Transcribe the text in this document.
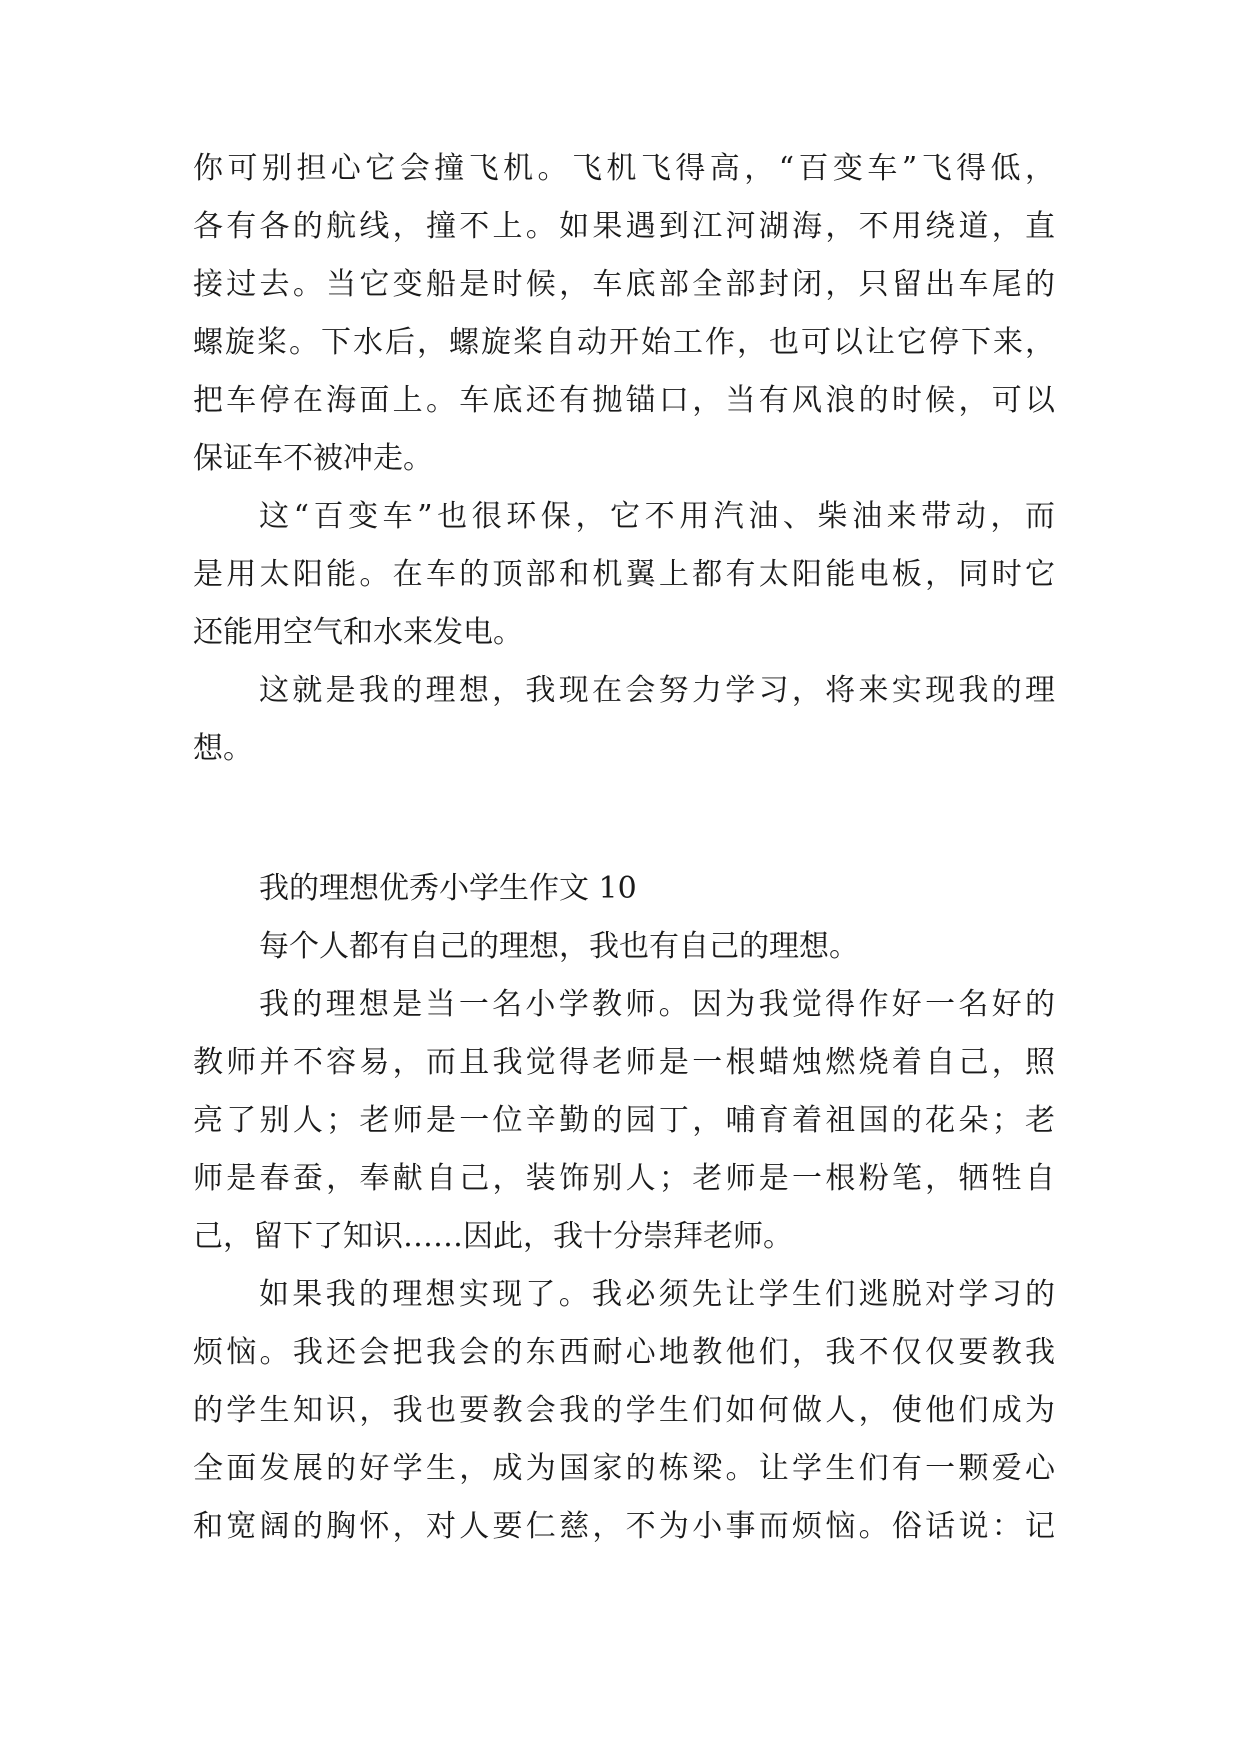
你可别担心它会撞飞机。飞机飞得高，“百变车”飞得低，
各有各的航线，撞不上。如果遇到江河湖海，不用绕道，直
接过去。当它变船是时候，车底部全部封闭，只留出车尾的
螺旋桨。下水后，螺旋桨自动开始工作，也可以让它停下来，
把车停在海面上。车底还有抛锚口，当有风浪的时候，可以
保证车不被冲走。
这“百变车”也很环保，它不用汽油、柴油来带动，而
是用太阳能。在车的顶部和机翼上都有太阳能电板，同时它
还能用空气和水来发电。
这就是我的理想，我现在会努力学习，将来实现我的理
想。
我的理想优秀小学生作文 10
每个人都有自己的理想，我也有自己的理想。
我的理想是当一名小学教师。因为我觉得作好一名好的
教师并不容易，而且我觉得老师是一根蜡烛燃烧着自己，照
亮了别人；老师是一位辛勤的园丁，哺育着祖国的花朵；老
师是春蚕，奉献自己，装饰别人；老师是一根粉笔，牺牲自
己，留下了知识……因此，我十分崇拜老师。
如果我的理想实现了。我必须先让学生们逃脱对学习的
烦恼。我还会把我会的东西耐心地教他们，我不仅仅要教我
的学生知识，我也要教会我的学生们如何做人，使他们成为
全面发展的好学生，成为国家的栋梁。让学生们有一颗爱心
和宽阔的胸怀，对人要仁慈，不为小事而烦恼。俗话说：记
